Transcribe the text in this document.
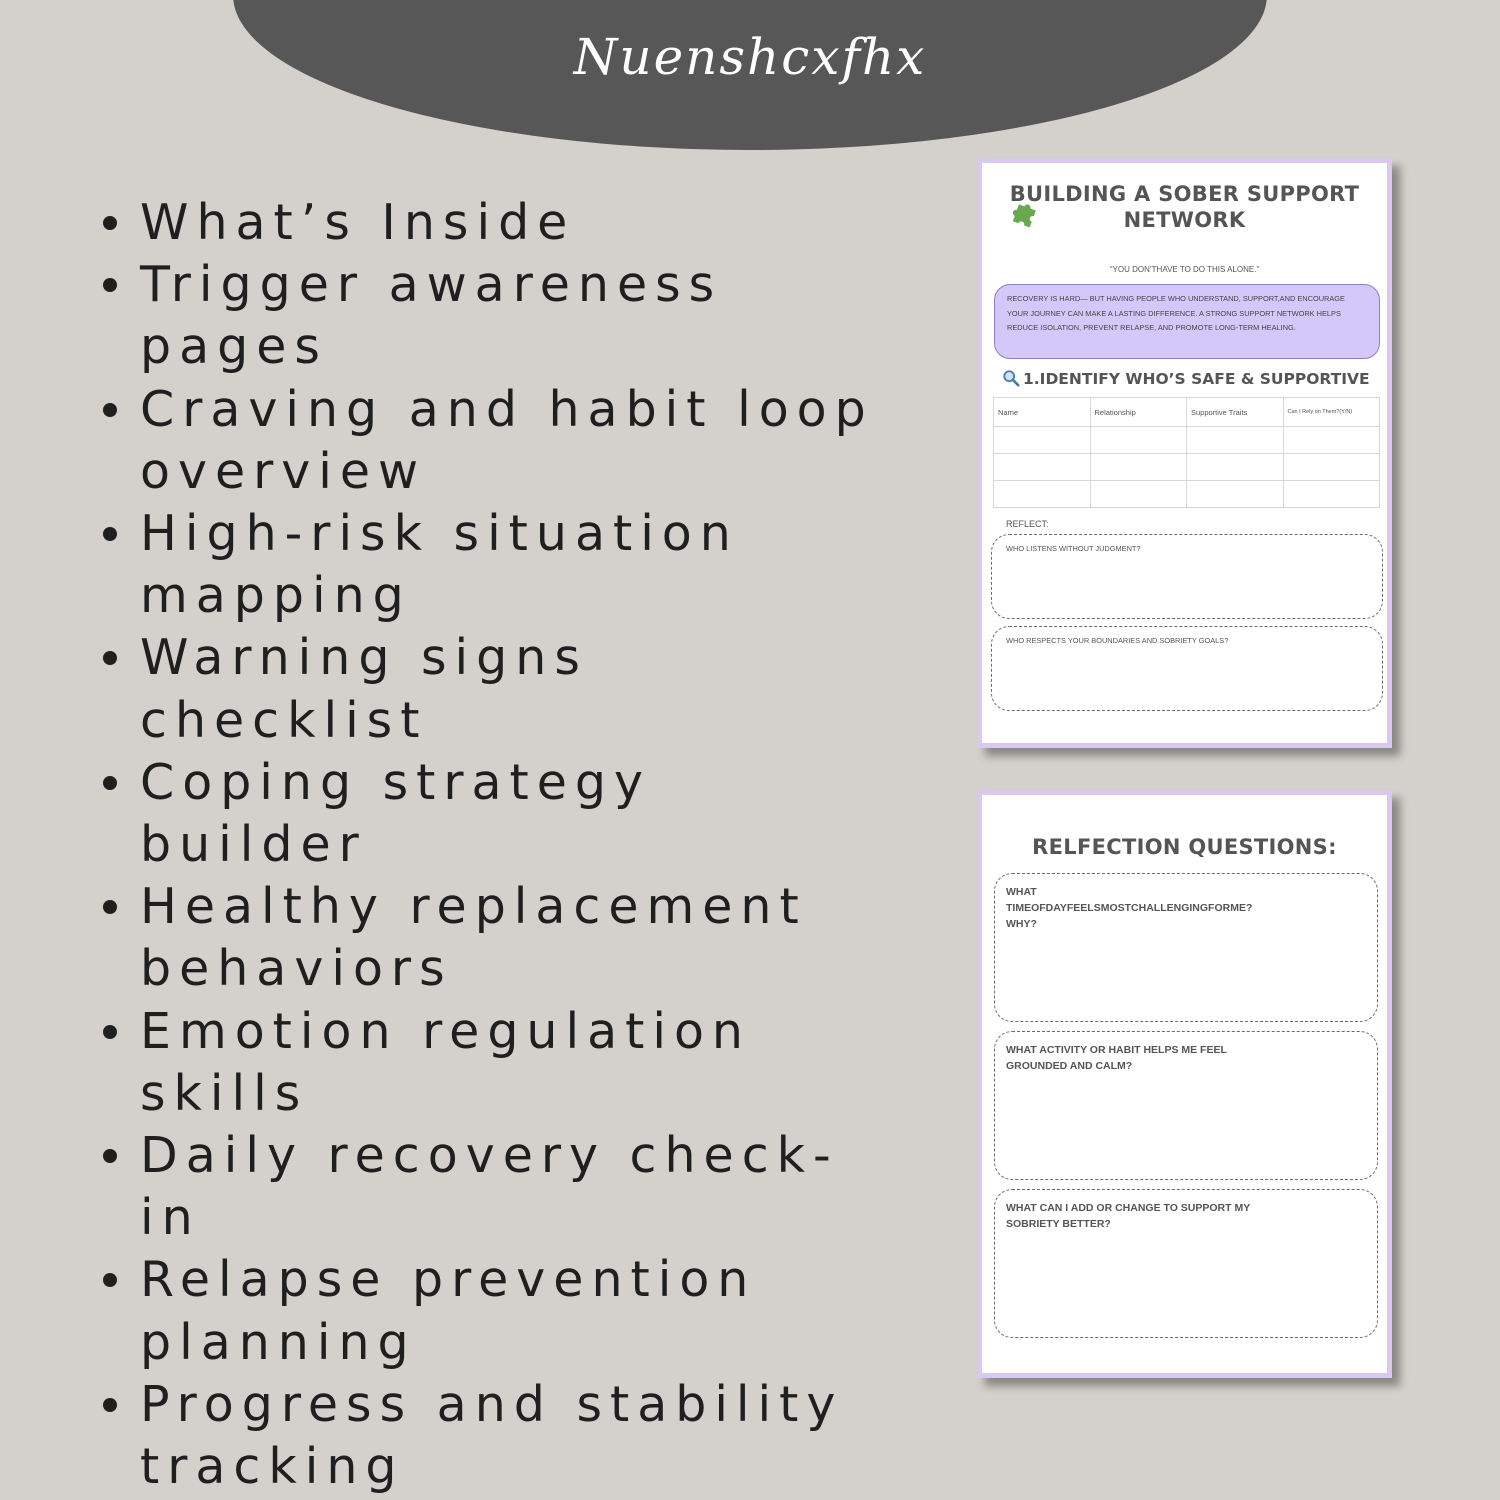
Nuenshcxfhx
What’s Inside
Trigger awareness pages
Craving and habit loop overview
High-risk situation mapping
Warning signs checklist
Coping strategy builder
Healthy replacement behaviors
Emotion regulation skills
Daily recovery check-in
Relapse prevention planning
Progress and stability tracking
BUILDING A SOBER SUPPORT
NETWORK
“YOU DON’THAVE TO DO THIS ALONE.”
RECOVERY IS HARD— BUT HAVING PEOPLE WHO UNDERSTAND, SUPPORT,AND ENCOURAGE YOUR JOURNEY CAN MAKE A LASTING DIFFERENCE. A STRONG SUPPORT NETWORK HELPS REDUCE ISOLATION, PREVENT RELAPSE, AND PROMOTE LONG-TERM HEALING.
1.IDENTIFY WHO’S SAFE & SUPPORTIVE
Name	Relationship	Supportive Traits	Can I Rely on Them?(Y/N)

REFLECT:
WHO LISTENS WITHOUT JUDGMENT?
WHO RESPECTS YOUR BOUNDARIES AND SOBRIETY GOALS?
RELFECTION QUESTIONS:
WHAT
TIMEOFDAYFEELSMOSTCHALLENGINGFORME?
WHY?
WHAT ACTIVITY OR HABIT HELPS ME FEEL
GROUNDED AND CALM?
WHAT CAN I ADD OR CHANGE TO SUPPORT MY
SOBRIETY BETTER?
